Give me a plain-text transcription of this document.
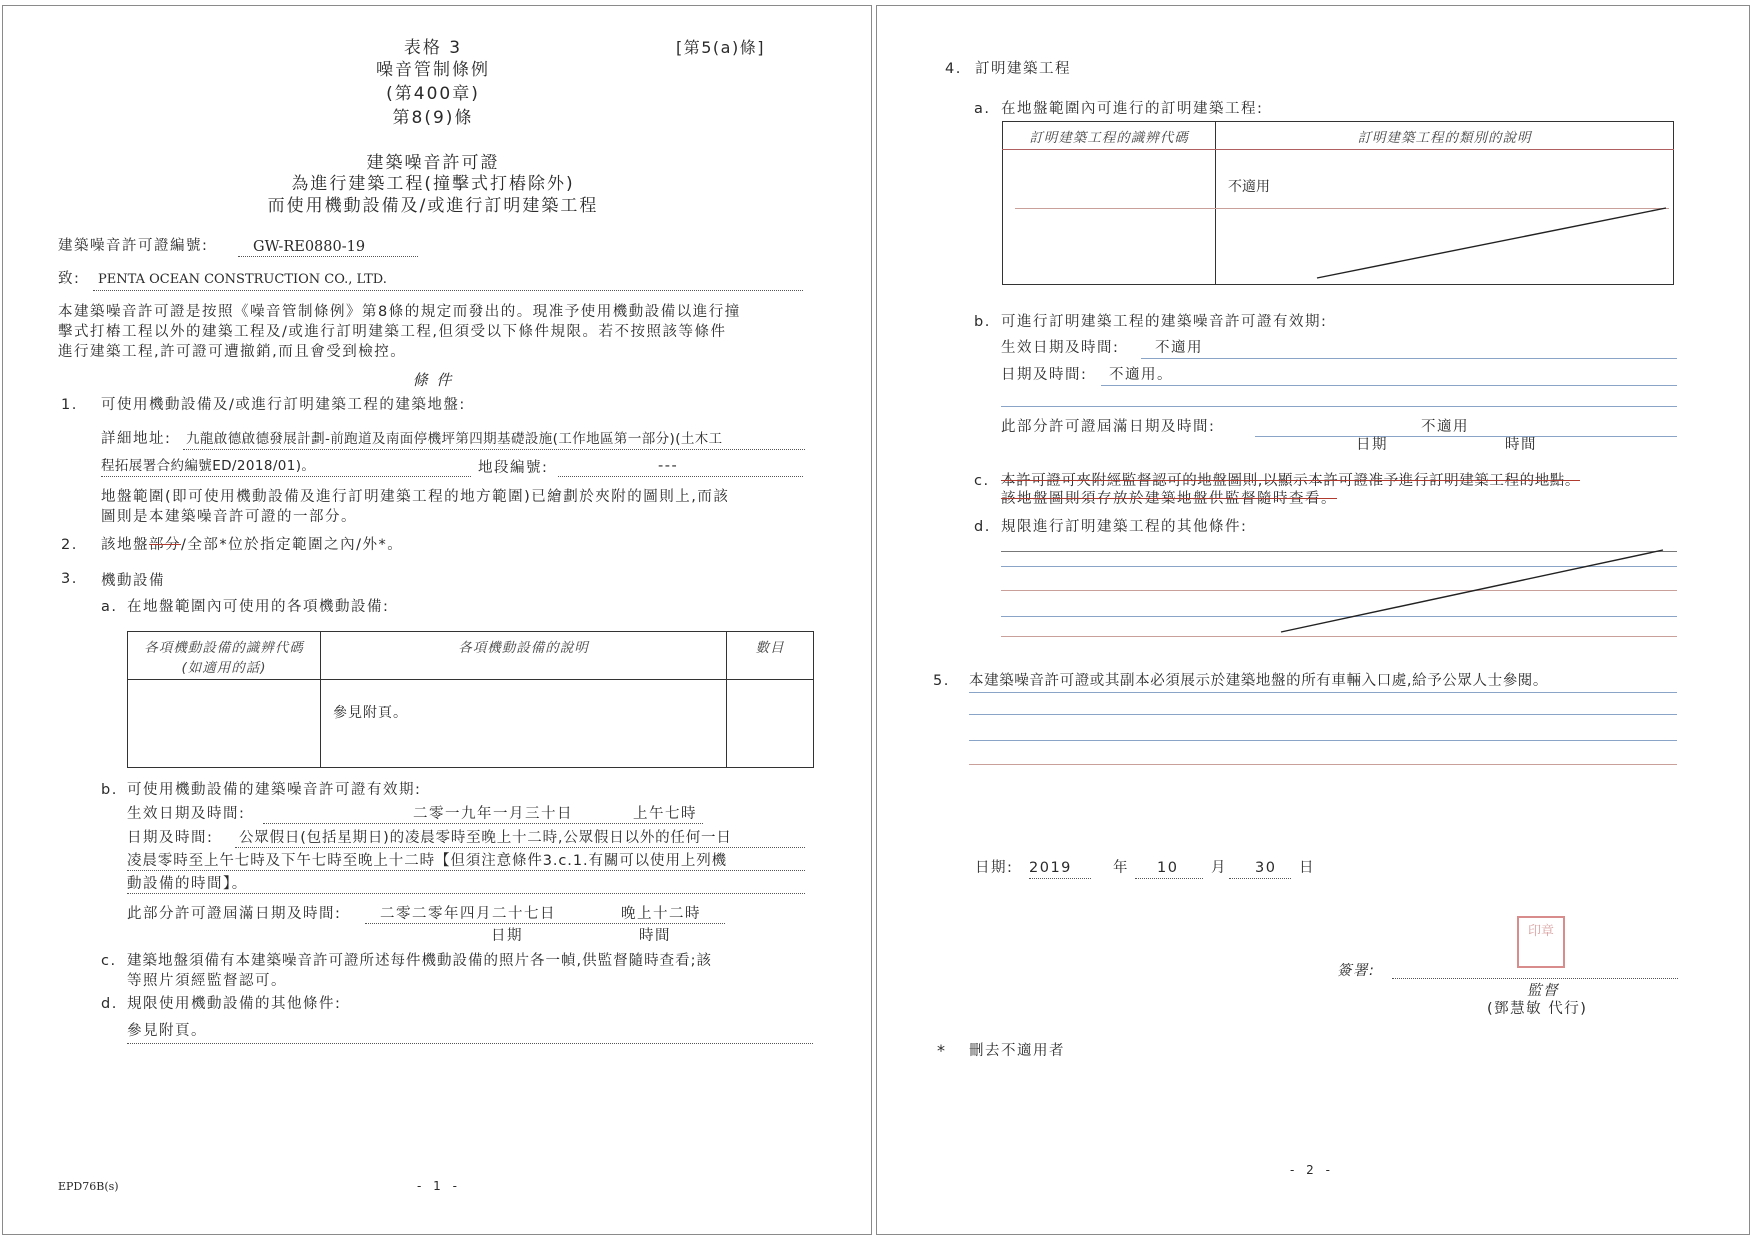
表格 3	[第5(a)條]
噪音管制條例
(第400章)
第8(9)條
建築噪音許可證
為進行建築工程(撞擊式打樁除外)
而使用機動設備及/或進行訂明建築工程
建築噪音許可證編號:	GW-RE0880-19
致: PENTA OCEAN CONSTRUCTION CO., LTD.
本建築噪音許可證是按照《噪音管制條例》第8條的規定而發出的。現准予使用機動設備以進行撞
擊式打樁工程以外的建築工程及/或進行訂明建築工程,但須受以下條件規限。若不按照該等條件
進行建築工程,許可證可遭撤銷,而且會受到檢控。
條 件
1. 可使用機動設備及/或進行訂明建築工程的建築地盤:
詳細地址: 九龍啟德啟德發展計劃-前跑道及南面停機坪第四期基礎設施(工作地區第一部分)(土木工
程拓展署合約編號ED/2018/01)。	地段編號:	---
地盤範圍(即可使用機動設備及進行訂明建築工程的地方範圍)已繪劃於夾附的圖則上,而該
圖則是本建築噪音許可證的一部分。
2. 該地盤部分/全部*位於指定範圍之內/外*。
3. 機動設備
a. 在地盤範圍內可使用的各項機動設備:
各項機動設備的識辨代碼
(如適用的話)	各項機動設備的說明	數目
	參見附頁。	
b. 可使用機動設備的建築噪音許可證有效期:
生效日期及時間:	二零一九年一月三十日	上午七時
日期及時間: 公眾假日(包括星期日)的凌晨零時至晚上十二時,公眾假日以外的任何一日
凌晨零時至上午七時及下午七時至晚上十二時【但須注意條件3.c.1.有關可以使用上列機
動設備的時間】。
此部分許可證屆滿日期及時間:	二零二零年四月二十七日	晚上十二時
日期	時間
c. 建築地盤須備有本建築噪音許可證所述每件機動設備的照片各一幀,供監督隨時查看;該
等照片須經監督認可。
d. 規限使用機動設備的其他條件:
參見附頁。
EPD76B(s)	- 1 -
4. 訂明建築工程
a. 在地盤範圍內可進行的訂明建築工程:
訂明建築工程的識辨代碼	訂明建築工程的類別的說明

	不適用
b. 可進行訂明建築工程的建築噪音許可證有效期:
生效日期及時間: 不適用
日期及時間: 不適用。
此部分許可證屆滿日期及時間:	不適用
日期	時間
c. 本許可證可夾附經監督認可的地盤圖則,以顯示本許可證准予進行訂明建築工程的地點。
該地盤圖則須存放於建築地盤供監督隨時查看。
d. 規限進行訂明建築工程的其他條件:
5. 本建築噪音許可證或其副本必須展示於建築地盤的所有車輛入口處,給予公眾人士參閱。
日期: 2019	年 10 月 30 日
印章
簽署:
監督
(鄧慧敏 代行)
* 刪去不適用者
- 2 -
